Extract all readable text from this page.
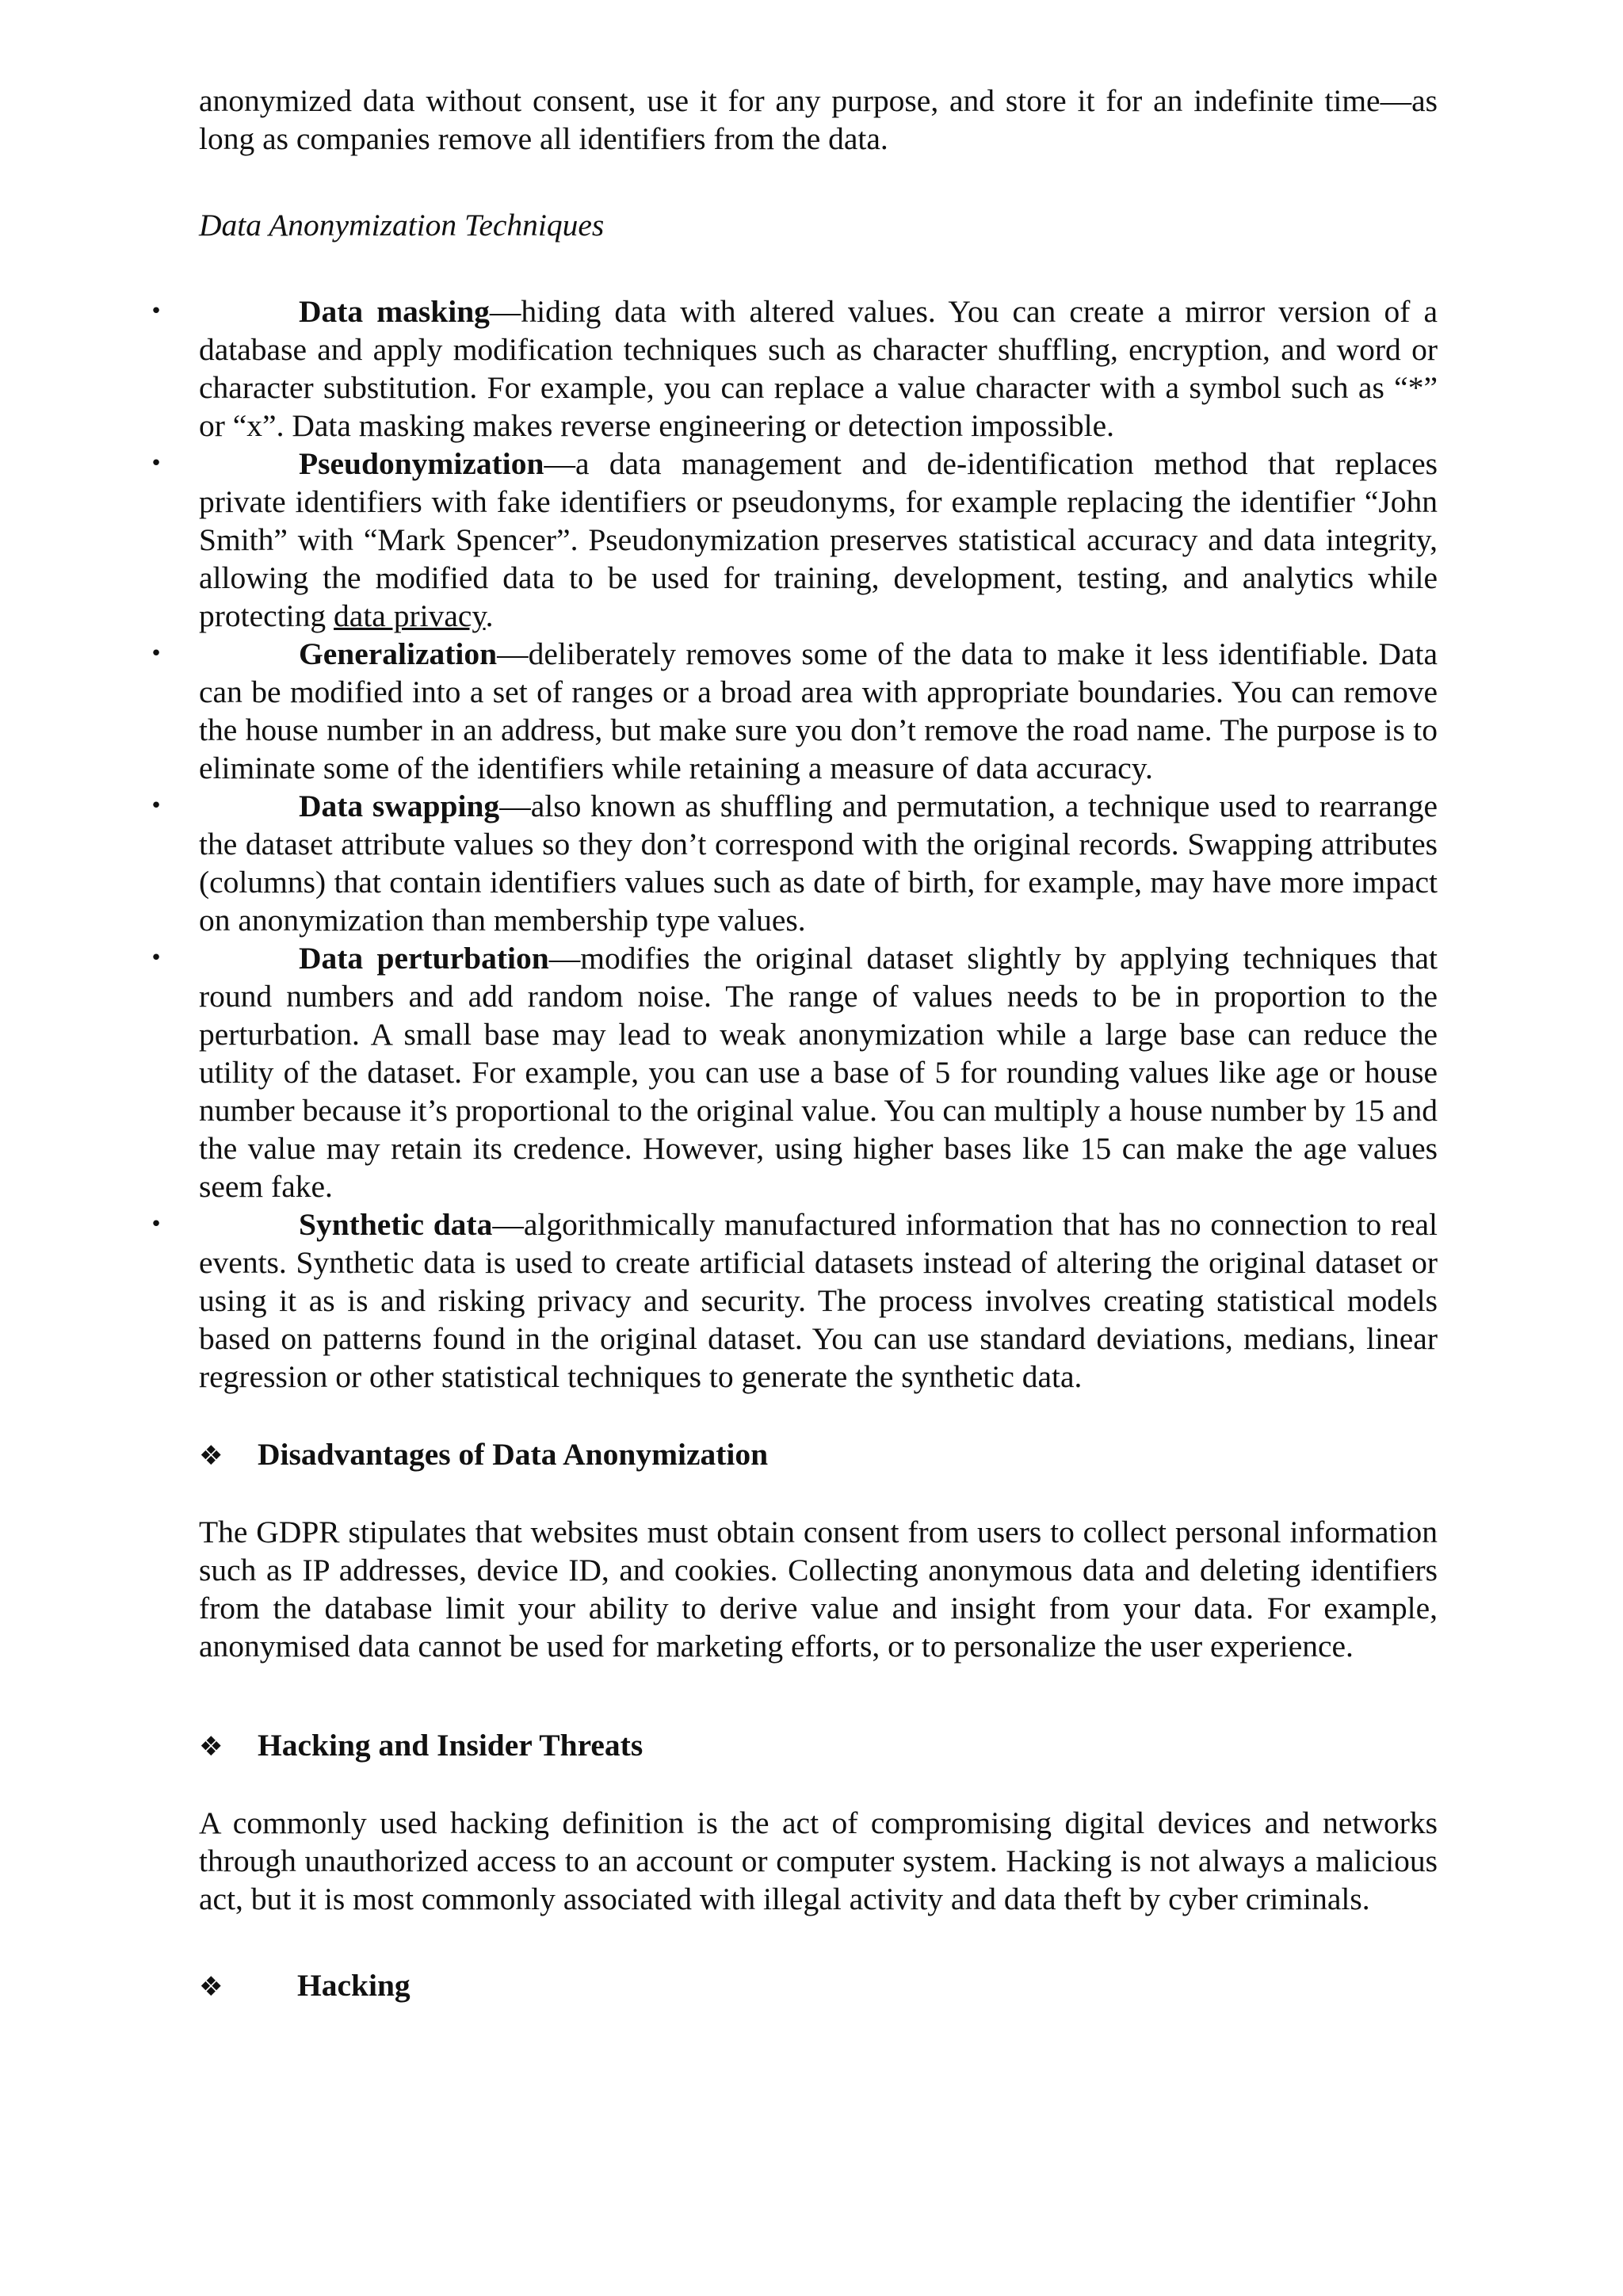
anonymized data without consent, use it for any purpose, and store it for an indefinite time—as long as companies remove all identifiers from the data.

Data Anonymization Techniques

•	Data masking—hiding data with altered values. You can create a mirror version of a database and apply modification techniques such as character shuffling, encryption, and word or character substitution. For example, you can replace a value character with a symbol such as “*” or “x”. Data masking makes reverse engineering or detection impossible.
•	Pseudonymization—a data management and de-identification method that replaces private identifiers with fake identifiers or pseudonyms, for example replacing the identifier “John Smith” with “Mark Spencer”. Pseudonymization preserves statistical accuracy and data integrity, allowing the modified data to be used for training, development, testing, and analytics while protecting data privacy.
•	Generalization—deliberately removes some of the data to make it less identifiable. Data can be modified into a set of ranges or a broad area with appropriate boundaries. You can remove the house number in an address, but make sure you don’t remove the road name. The purpose is to eliminate some of the identifiers while retaining a measure of data accuracy.
•	Data swapping—also known as shuffling and permutation, a technique used to rearrange the dataset attribute values so they don’t correspond with the original records. Swapping attributes (columns) that contain identifiers values such as date of birth, for example, may have more impact on anonymization than membership type values.
•	Data perturbation—modifies the original dataset slightly by applying techniques that round numbers and add random noise. The range of values needs to be in proportion to the perturbation. A small base may lead to weak anonymization while a large base can reduce the utility of the dataset. For example, you can use a base of 5 for rounding values like age or house number because it’s proportional to the original value. You can multiply a house number by 15 and the value may retain its credence. However, using higher bases like 15 can make the age values seem fake.
•	Synthetic data—algorithmically manufactured information that has no connection to real events. Synthetic data is used to create artificial datasets instead of altering the original dataset or using it as is and risking privacy and security. The process involves creating statistical models based on patterns found in the original dataset. You can use standard deviations, medians, linear regression or other statistical techniques to generate the synthetic data.
❖	Disadvantages of Data Anonymization

The GDPR stipulates that websites must obtain consent from users to collect personal information such as IP addresses, device ID, and cookies. Collecting anonymous data and deleting identifiers from the database limit your ability to derive value and insight from your data. For example, anonymised data cannot be used for marketing efforts, or to personalize the user experience.

❖	Hacking and Insider Threats

A commonly used hacking definition is the act of compromising digital devices and networks through unauthorized access to an account or computer system. Hacking is not always a malicious act, but it is most commonly associated with illegal activity and data theft by cyber criminals.

❖	Hacking
